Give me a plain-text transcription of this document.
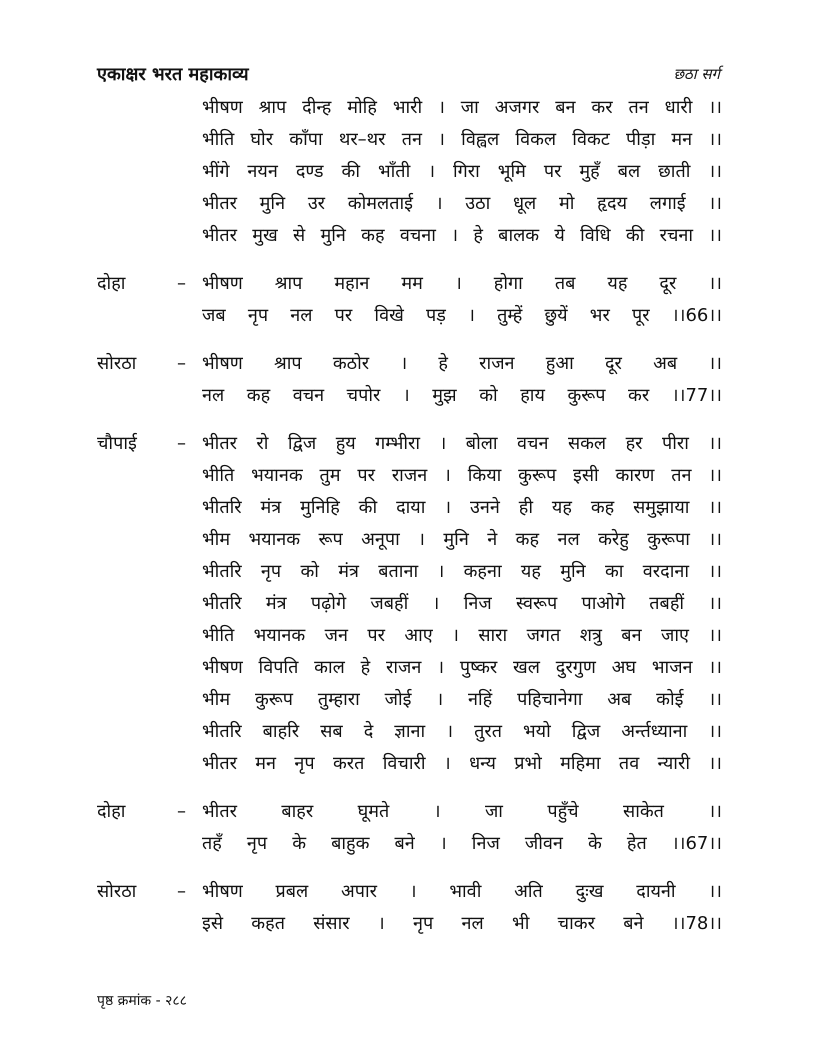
एकाक्षर भरत महाकाव्य	छठा सर्ग
भीषण श्राप दीन्ह मोहि भारी । जा अजगर बन कर तन धारी ।।
भीति घोर काँपा थर–थर तन । विह्वल विकल विकट पीड़ा मन ।।
भींगे नयन दण्ड की भाँती । गिरा भूमि पर मुहँ बल छाती ।।
भीतर मुनि उर कोमलताई । उठा धूल मो हृदय लगाई ।।
भीतर मुख से मुनि कह वचना । हे बालक ये विधि की रचना ।।
दोहा	– भीषण श्राप महान मम । होगा तब यह दूर ।।
जब नृप नल पर विखे पड़ । तुम्हें छुयें भर पूर ।।66।।
सोरठा	– भीषण श्राप कठोर । हे राजन हुआ दूर अब ।।
नल कह वचन चपोर । मुझ को हाय कुरूप कर ।।77।।
चौपाई	– भीतर रो द्विज हुय गम्भीरा । बोला वचन सकल हर पीरा ।।
भीति भयानक तुम पर राजन । किया कुरूप इसी कारण तन ।।
भीतरि मंत्र मुनिहि की दाया । उनने ही यह कह समुझाया ।।
भीम भयानक रूप अनूपा । मुनि ने कह नल करेहु कुरूपा ।।
भीतरि नृप को मंत्र बताना । कहना यह मुनि का वरदाना ।।
भीतरि मंत्र पढ़ोगे जबहीं । निज स्वरूप पाओगे तबहीं ।।
भीति भयानक जन पर आए । सारा जगत शत्रु बन जाए ।।
भीषण विपति काल हे राजन । पुष्कर खल दुरगुण अघ भाजन ।।
भीम कुरूप तुम्हारा जोई । नहिं पहिचानेगा अब कोई ।।
भीतरि बाहरि सब दे ज्ञाना । तुरत भयो द्विज अर्न्तध्याना ।।
भीतर मन नृप करत विचारी । धन्य प्रभो महिमा तव न्यारी ।।
दोहा	– भीतर बाहर घूमते । जा पहुँचे साकेत ।।
तहँ नृप के बाहुक बने । निज जीवन के हेत ।।67।।
सोरठा	– भीषण प्रबल अपार । भावी अति दुःख दायनी ।।
इसे कहत संसार । नृप नल भी चाकर बने ।।78।।
पृष्ठ क्रमांक - २८८
